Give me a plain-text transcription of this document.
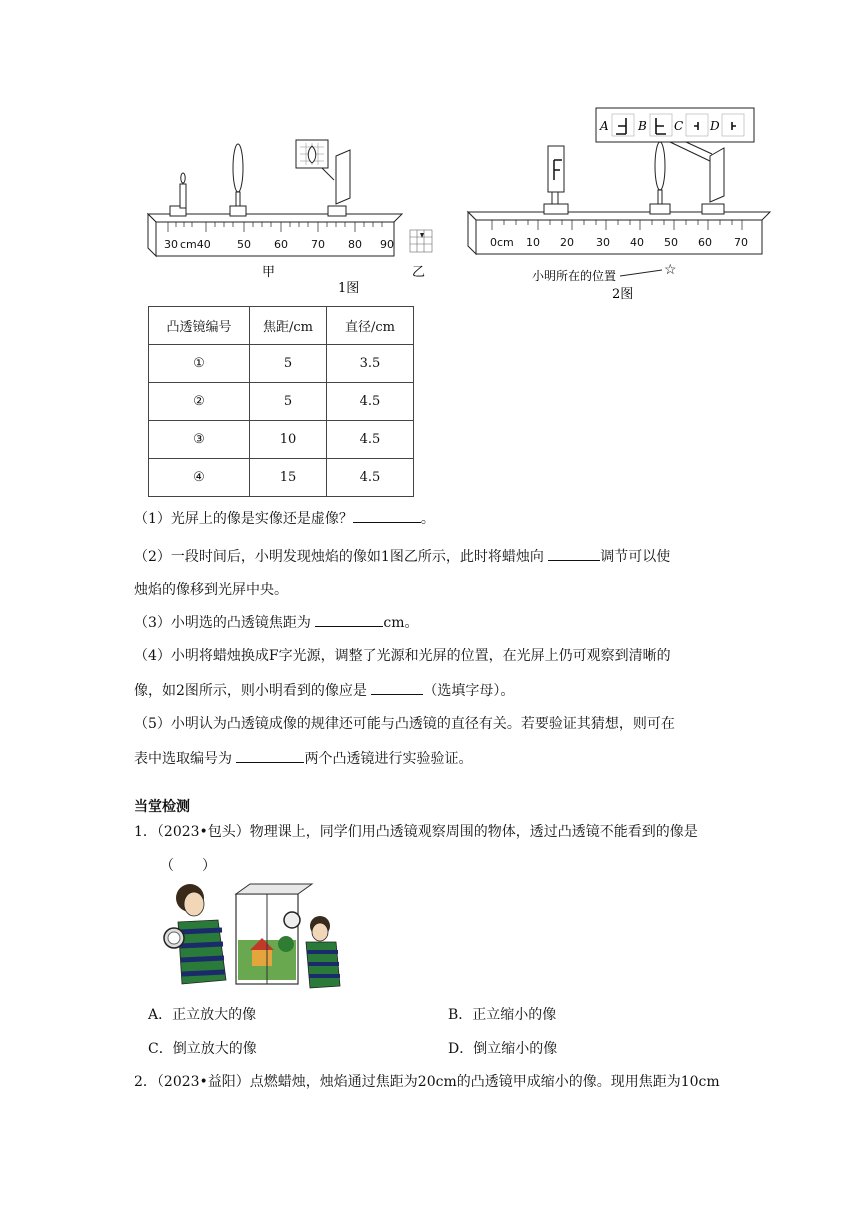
30 cm40 50 60 70 80 90
甲
1图
乙
A B C D
0cm 10 20 30 40 50 60 70
小明所在的位置	☆
2图
凸透镜编号	焦距/cm	直径/cm
①	5	3.5
②	5	4.5
③	10	4.5
④	15	4.5
（1）光屏上的像是实像还是虚像？	。
（2）一段时间后，小明发现烛焰的像如1图乙所示，此时将蜡烛向	调节可以使
烛焰的像移到光屏中央。
（3）小明选的凸透镜焦距为	cm。
（4）小明将蜡烛换成F字光源，调整了光源和光屏的位置，在光屏上仍可观察到清晰的
像，如2图所示，则小明看到的像应是	（选填字母）。
（5）小明认为凸透镜成像的规律还可能与凸透镜的直径有关。若要验证其猜想，则可在
表中选取编号为	两个凸透镜进行实验验证。
当堂检测
1．（2023•包头）物理课上，同学们用凸透镜观察周围的物体，透过凸透镜不能看到的像是
（　　）
A．正立放大的像	B．正立缩小的像
C．倒立放大的像	D．倒立缩小的像
2．（2023•益阳）点燃蜡烛，烛焰通过焦距为20cm的凸透镜甲成缩小的像。现用焦距为10cm
